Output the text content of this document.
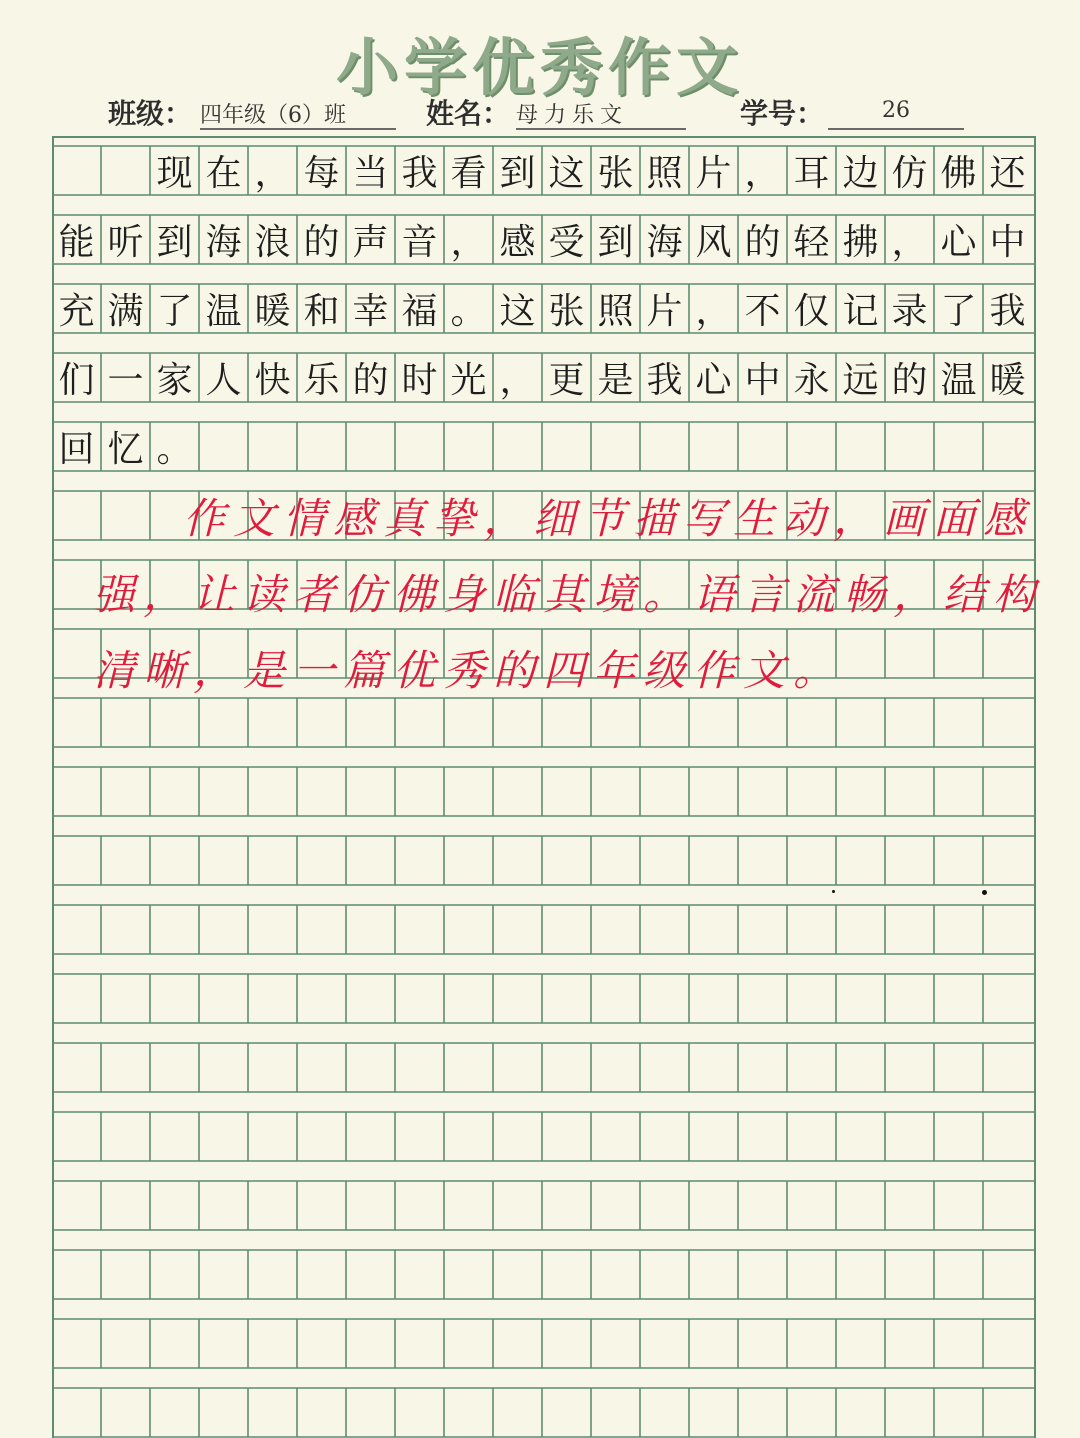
小学优秀作文
班级： 四年级（6）班	姓名： 母力乐文	学号：	26
现 在 ， 每 当 我 看 到 这 张 照 片 ， 耳 边 仿 佛 还
能 听 到 海 浪 的 声 音 ， 感 受 到 海 风 的 轻 拂 ， 心 中
充 满 了 温 暖 和 幸 福 。 这 张 照 片 ， 不 仅 记 录 了 我
们 一 家 人 快 乐 的 时 光 ， 更 是 我 心 中 永 远 的 温 暖
回 忆 。
作 文 情 感 真 挚 ， 细 节 描 写 生 动 ， 画 面 感
强 ， 让 读 者 仿 佛 身 临 其 境 。 语 言 流 畅 ， 结 构
清 晰 ， 是 一 篇 优 秀 的 四 年 级 作 文 。
